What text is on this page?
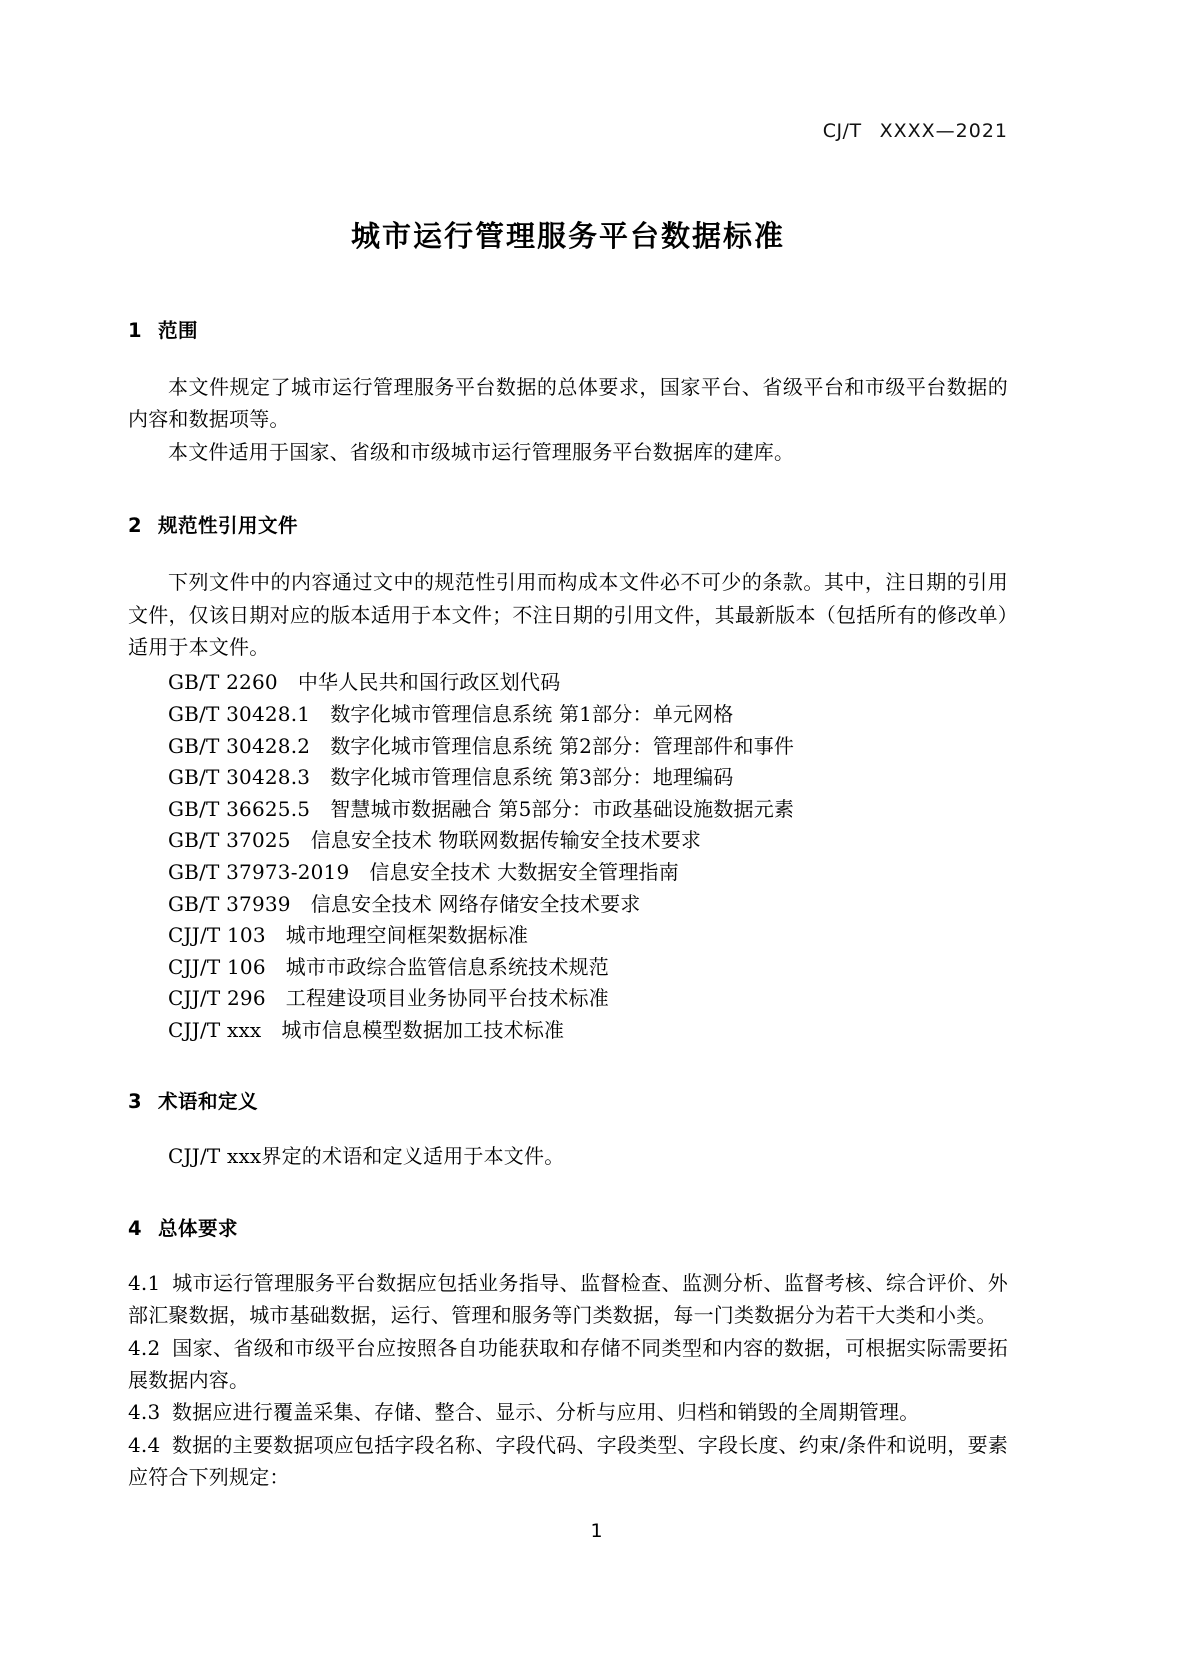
CJ/T XXXX—2021
城市运行管理服务平台数据标准
1 范围

本文件规定了城市运行管理服务平台数据的总体要求，国家平台、省级平台和市级平台数据的内容和数据项等。

本文件适用于国家、省级和市级城市运行管理服务平台数据库的建库。

2 规范性引用文件

下列文件中的内容通过文中的规范性引用而构成本文件必不可少的条款。其中，注日期的引用文件，仅该日期对应的版本适用于本文件；不注日期的引用文件，其最新版本（包括所有的修改单）适用于本文件。

GB/T 2260 中华人民共和国行政区划代码

GB/T 30428.1 数字化城市管理信息系统 第1部分：单元网格

GB/T 30428.2 数字化城市管理信息系统 第2部分：管理部件和事件

GB/T 30428.3 数字化城市管理信息系统 第3部分：地理编码

GB/T 36625.5 智慧城市数据融合 第5部分：市政基础设施数据元素

GB/T 37025 信息安全技术 物联网数据传输安全技术要求

GB/T 37973-2019 信息安全技术 大数据安全管理指南

GB/T 37939 信息安全技术 网络存储安全技术要求

CJJ/T 103 城市地理空间框架数据标准

CJJ/T 106 城市市政综合监管信息系统技术规范

CJJ/T 296 工程建设项目业务协同平台技术标准

CJJ/T xxx 城市信息模型数据加工技术标准

3 术语和定义

CJJ/T xxx界定的术语和定义适用于本文件。

4 总体要求

4.1 城市运行管理服务平台数据应包括业务指导、监督检查、监测分析、监督考核、综合评价、外部汇聚数据，城市基础数据，运行、管理和服务等门类数据，每一门类数据分为若干大类和小类。

4.2 国家、省级和市级平台应按照各自功能获取和存储不同类型和内容的数据，可根据实际需要拓展数据内容。

4.3 数据应进行覆盖采集、存储、整合、显示、分析与应用、归档和销毁的全周期管理。

4.4 数据的主要数据项应包括字段名称、字段代码、字段类型、字段长度、约束/条件和说明，要素应符合下列规定：

1
